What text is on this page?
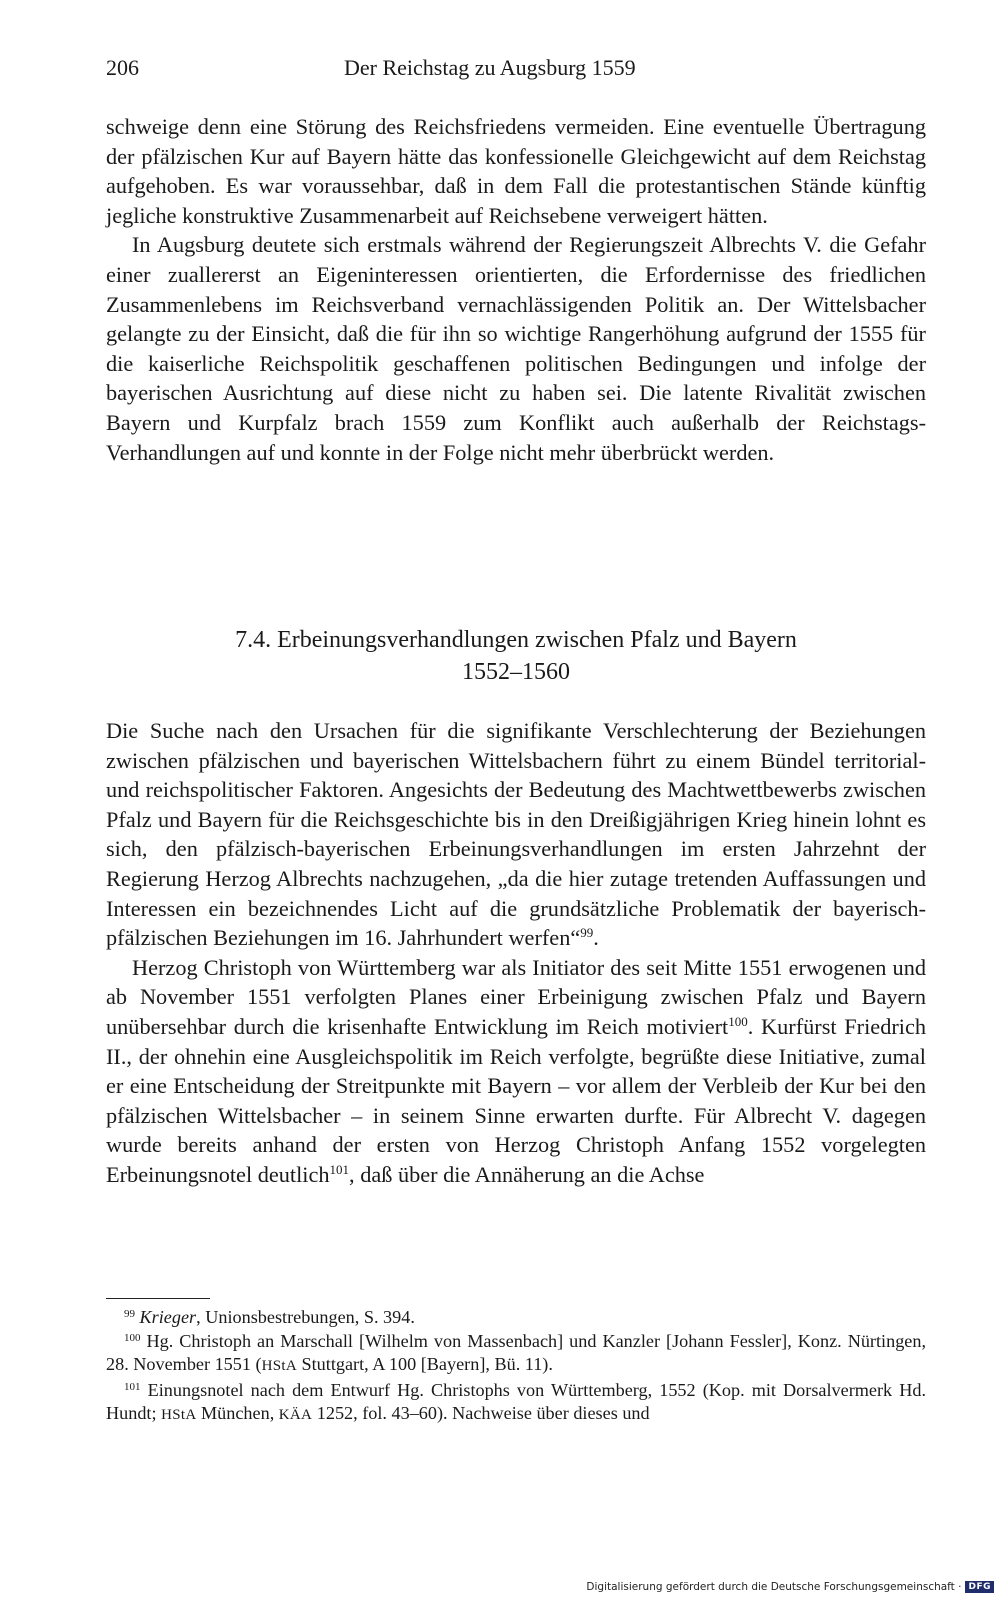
206	Der Reichstag zu Augsburg 1559

schweige denn eine Störung des Reichsfriedens vermeiden. Eine eventuelle Übertragung der pfälzischen Kur auf Bayern hätte das konfessionelle Gleichgewicht auf dem Reichstag aufgehoben. Es war voraussehbar, daß in dem Fall die protestantischen Stände künftig jegliche konstruktive Zusammenarbeit auf Reichsebene verweigert hätten.

In Augsburg deutete sich erstmals während der Regierungszeit Albrechts V. die Gefahr einer zuallererst an Eigeninteressen orientierten, die Erfordernisse des friedlichen Zusammenlebens im Reichsverband vernachlässigenden Politik an. Der Wittelsbacher gelangte zu der Einsicht, daß die für ihn so wichtige Rangerhöhung aufgrund der 1555 für die kaiserliche Reichspolitik geschaffenen politischen Bedingungen und infolge der bayerischen Ausrichtung auf diese nicht zu haben sei. Die latente Rivalität zwischen Bayern und Kurpfalz brach 1559 zum Konflikt auch außerhalb der Reichstags-Verhandlungen auf und konnte in der Folge nicht mehr überbrückt werden.

7.4. Erbeinungsverhandlungen zwischen Pfalz und Bayern
1552–1560

Die Suche nach den Ursachen für die signifikante Verschlechterung der Beziehungen zwischen pfälzischen und bayerischen Wittelsbachern führt zu einem Bündel territorial- und reichspolitischer Faktoren. Angesichts der Bedeutung des Machtwettbewerbs zwischen Pfalz und Bayern für die Reichsgeschichte bis in den Dreißigjährigen Krieg hinein lohnt es sich, den pfälzisch-bayerischen Erbeinungsverhandlungen im ersten Jahrzehnt der Regierung Herzog Albrechts nachzugehen, „da die hier zutage tretenden Auffassungen und Interessen ein bezeichnendes Licht auf die grundsätzliche Problematik der bayerisch-pfälzischen Beziehungen im 16. Jahrhundert werfen“$^{99}$.

Herzog Christoph von Württemberg war als Initiator des seit Mitte 1551 erwogenen und ab November 1551 verfolgten Planes einer Erbeinigung zwischen Pfalz und Bayern unübersehbar durch die krisenhafte Entwicklung im Reich motiviert$^{100}$. Kurfürst Friedrich II., der ohnehin eine Ausgleichspolitik im Reich verfolgte, begrüßte diese Initiative, zumal er eine Entscheidung der Streitpunkte mit Bayern – vor allem der Verbleib der Kur bei den pfälzischen Wittelsbacher – in seinem Sinne erwarten durfte. Für Albrecht V. dagegen wurde bereits anhand der ersten von Herzog Christoph Anfang 1552 vorgelegten Erbeinungsnotel deutlich$^{101}$, daß über die Annäherung an die Achse

$^{99}$ Krieger, Unionsbestrebungen, S. 394.

$^{100}$ Hg. Christoph an Marschall [Wilhelm von Massenbach] und Kanzler [Johann Fessler], Konz. Nürtingen, 28. November 1551 (HStA Stuttgart, A 100 [Bayern], Bü. 11).

$^{101}$ Einungsnotel nach dem Entwurf Hg. Christophs von Württemberg, 1552 (Kop. mit Dorsalvermerk Hd. Hundt; HStA München, KÄA 1252, fol. 43–60). Nachweise über dieses und

Digitalisierung gefördert durch die Deutsche Forschungsgemeinschaft · DFG
